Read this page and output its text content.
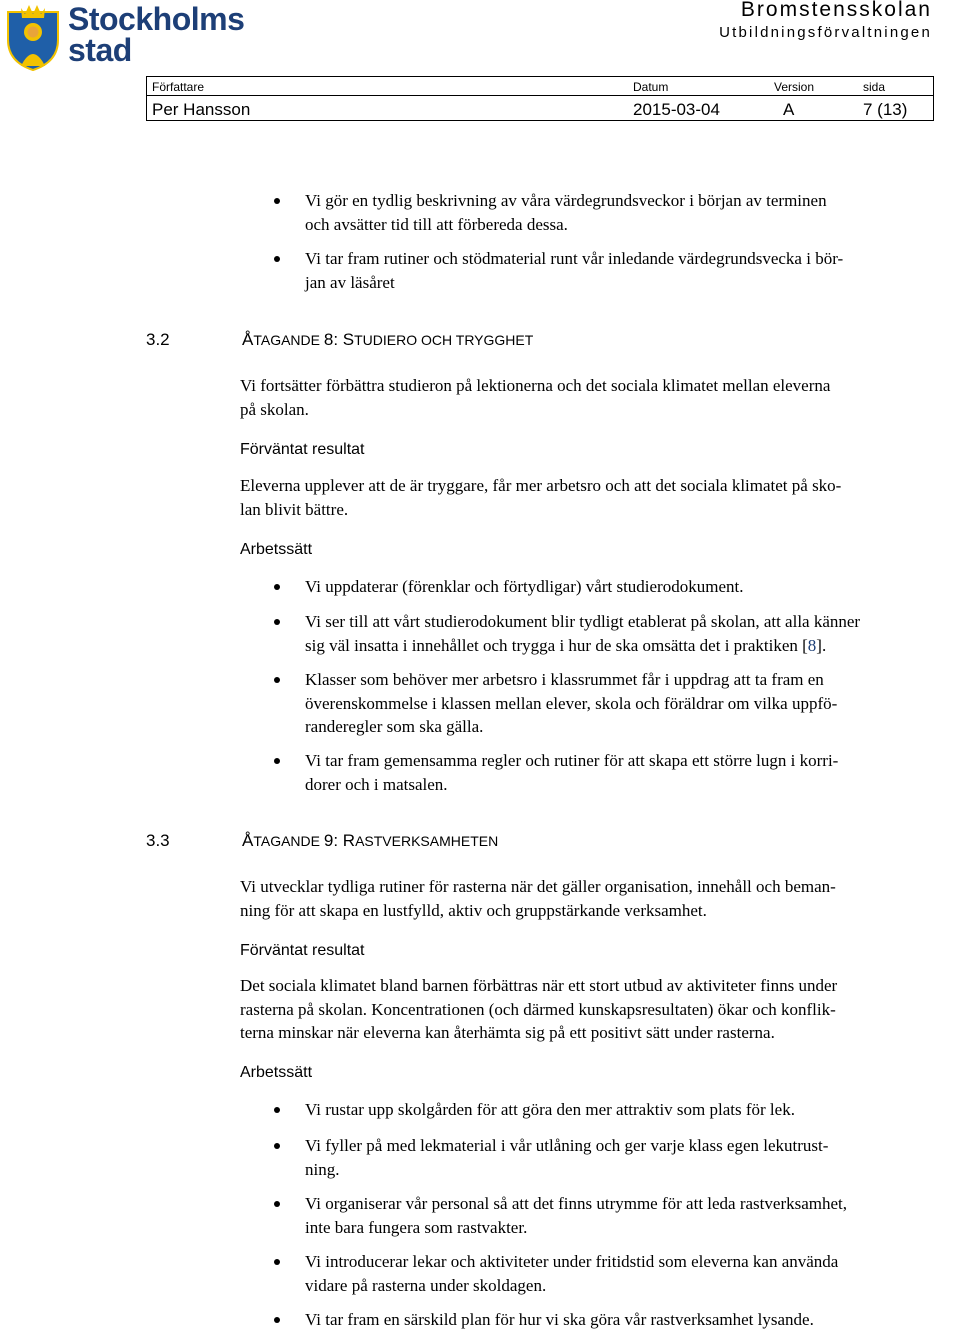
Stockholms
stad
Bromstensskolan
Utbildningsförvaltningen
Författare	Datum	Version	sida
Per Hansson	2015-03-04	A	7 (13)
Vi gör en tydlig beskrivning av våra värdegrundsveckor i början av terminen
och avsätter tid till att förbereda dessa.
Vi tar fram rutiner och stödmaterial runt vår inledande värdegrundsvecka i bör-
jan av läsåret
3.2	ÅTAGANDE 8: STUDIERO OCH TRYGGHET
Vi fortsätter förbättra studieron på lektionerna och det sociala klimatet mellan eleverna
på skolan.
Förväntat resultat
Eleverna upplever att de är tryggare, får mer arbetsro och att det sociala klimatet på sko-
lan blivit bättre.
Arbetssätt
Vi uppdaterar (förenklar och förtydligar) vårt studierodokument.
Vi ser till att vårt studierodokument blir tydligt etablerat på skolan, att alla känner
sig väl insatta i innehållet och trygga i hur de ska omsätta det i praktiken [8].
Klasser som behöver mer arbetsro i klassrummet får i uppdrag att ta fram en
överenskommelse i klassen mellan elever, skola och föräldrar om vilka uppfö-
randeregler som ska gälla.
Vi tar fram gemensamma regler och rutiner för att skapa ett större lugn i korri-
dorer och i matsalen.
3.3	ÅTAGANDE 9: RASTVERKSAMHETEN
Vi utvecklar tydliga rutiner för rasterna när det gäller organisation, innehåll och beman-
ning för att skapa en lustfylld, aktiv och gruppstärkande verksamhet.
Förväntat resultat
Det sociala klimatet bland barnen förbättras när ett stort utbud av aktiviteter finns under
rasterna på skolan. Koncentrationen (och därmed kunskapsresultaten) ökar och konflik-
terna minskar när eleverna kan återhämta sig på ett positivt sätt under rasterna.
Arbetssätt
Vi rustar upp skolgården för att göra den mer attraktiv som plats för lek.
Vi fyller på med lekmaterial i vår utlåning och ger varje klass egen lekutrust-
ning.
Vi organiserar vår personal så att det finns utrymme för att leda rastverksamhet,
inte bara fungera som rastvakter.
Vi introducerar lekar och aktiviteter under fritidstid som eleverna kan använda
vidare på rasterna under skoldagen.
Vi tar fram en särskild plan för hur vi ska göra vår rastverksamhet lysande.
